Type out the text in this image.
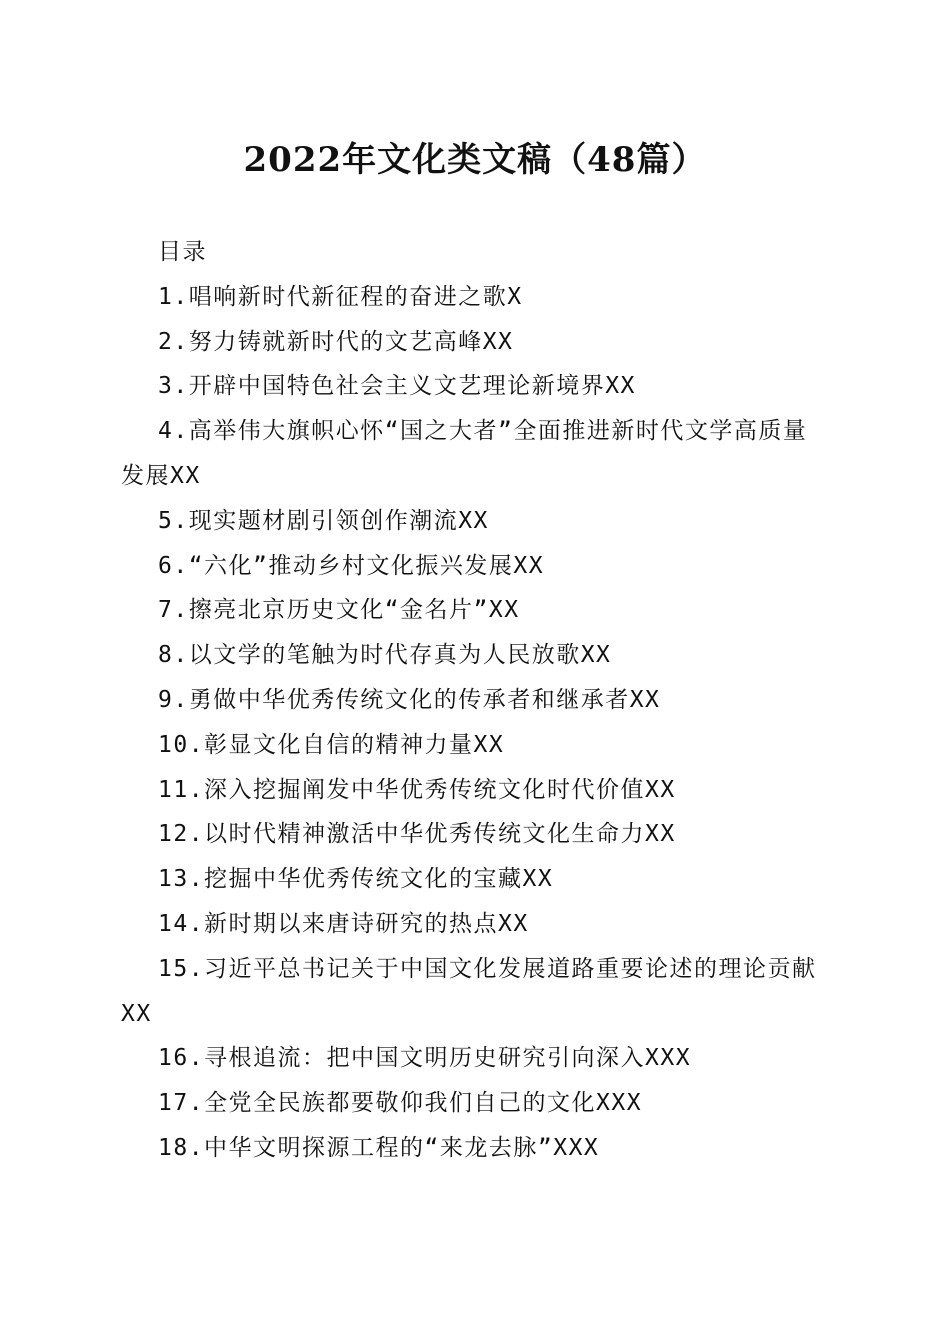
2022年文化类文稿（48篇）

目录

1.唱响新时代新征程的奋进之歌X

2.努力铸就新时代的文艺高峰XX

3.开辟中国特色社会主义文艺理论新境界XX

4.高举伟大旗帜心怀“国之大者”全面推进新时代文学高质量发展XX

5.现实题材剧引领创作潮流XX

6.“六化”推动乡村文化振兴发展XX

7.擦亮北京历史文化“金名片”XX

8.以文学的笔触为时代存真为人民放歌XX

9.勇做中华优秀传统文化的传承者和继承者XX

10.彰显文化自信的精神力量XX

11.深入挖掘阐发中华优秀传统文化时代价值XX

12.以时代精神激活中华优秀传统文化生命力XX

13.挖掘中华优秀传统文化的宝藏XX

14.新时期以来唐诗研究的热点XX

15.习近平总书记关于中国文化发展道路重要论述的理论贡献XX

16.寻根追流：把中国文明历史研究引向深入XXX

17.全党全民族都要敬仰我们自己的文化XXX

18.中华文明探源工程的“来龙去脉”XXX
